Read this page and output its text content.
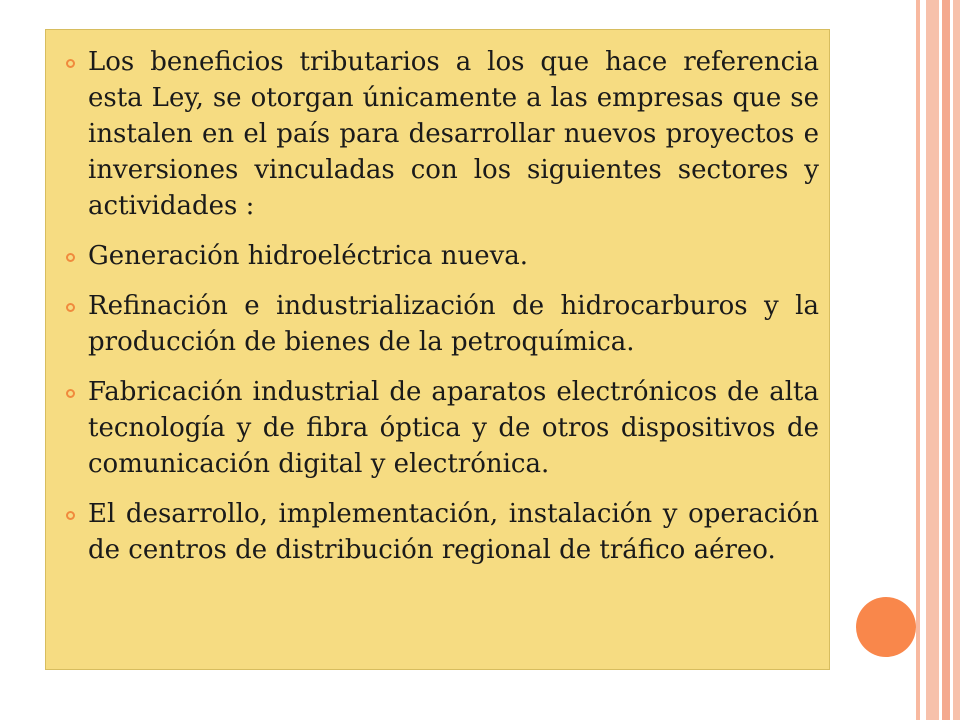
Los beneficios tributarios a los que hace referencia esta Ley, se otorgan únicamente a las empresas que se instalen en el país para desarrollar nuevos proyectos e inversiones vinculadas con los siguientes sectores y actividades :
Generación hidroeléctrica nueva.
Refinación e industrialización de hidrocarburos y la producción de bienes de la petroquímica.
Fabricación industrial de aparatos electrónicos de alta tecnología y de fibra óptica y de otros dispositivos de comunicación digital y electrónica.
El desarrollo, implementación, instalación y operación de centros de distribución regional de tráfico aéreo.
